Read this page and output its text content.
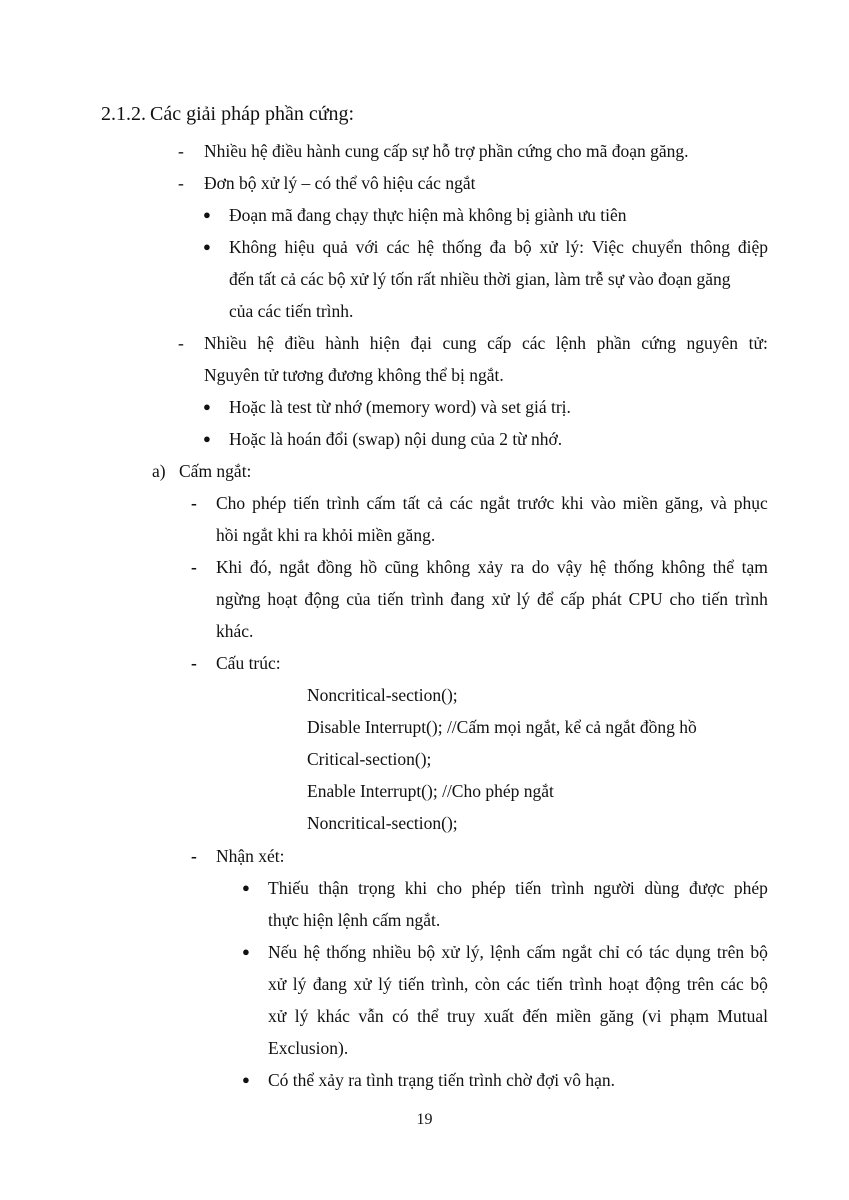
2.1.2. Các giải pháp phần cứng:
- Nhiều hệ điều hành cung cấp sự hỗ trợ phần cứng cho mã đoạn găng.
- Đơn bộ xử lý – có thể vô hiệu các ngắt
● Đoạn mã đang chạy thực hiện mà không bị giành ưu tiên
● Không hiệu quả với các hệ thống đa bộ xử lý: Việc chuyển thông điệp
đến tất cả các bộ xử lý tốn rất nhiều thời gian, làm trễ sự vào đoạn găng
của các tiến trình.
- Nhiều hệ điều hành hiện đại cung cấp các lệnh phần cứng nguyên tử:
Nguyên tử tương đương không thể bị ngắt.
● Hoặc là test từ nhớ (memory word) và set giá trị.
● Hoặc là hoán đổi (swap) nội dung của 2 từ nhớ.
a) Cấm ngắt:
- Cho phép tiến trình cấm tất cả các ngắt trước khi vào miền găng, và phục
hồi ngắt khi ra khỏi miền găng.
- Khi đó, ngắt đồng hồ cũng không xảy ra do vậy hệ thống không thể tạm
ngừng hoạt động của tiến trình đang xử lý để cấp phát CPU cho tiến trình
khác.
- Cấu trúc:
Noncritical-section();
Disable Interrupt(); //Cấm mọi ngắt, kể cả ngắt đồng hồ
Critical-section();
Enable Interrupt(); //Cho phép ngắt
Noncritical-section();
- Nhận xét:
● Thiếu thận trọng khi cho phép tiến trình người dùng được phép
thực hiện lệnh cấm ngắt.
● Nếu hệ thống nhiều bộ xử lý, lệnh cấm ngắt chỉ có tác dụng trên bộ
xử lý đang xử lý tiến trình, còn các tiến trình hoạt động trên các bộ
xử lý khác vẫn có thể truy xuất đến miền găng (vi phạm Mutual
Exclusion).
● Có thể xảy ra tình trạng tiến trình chờ đợi vô hạn.
19
